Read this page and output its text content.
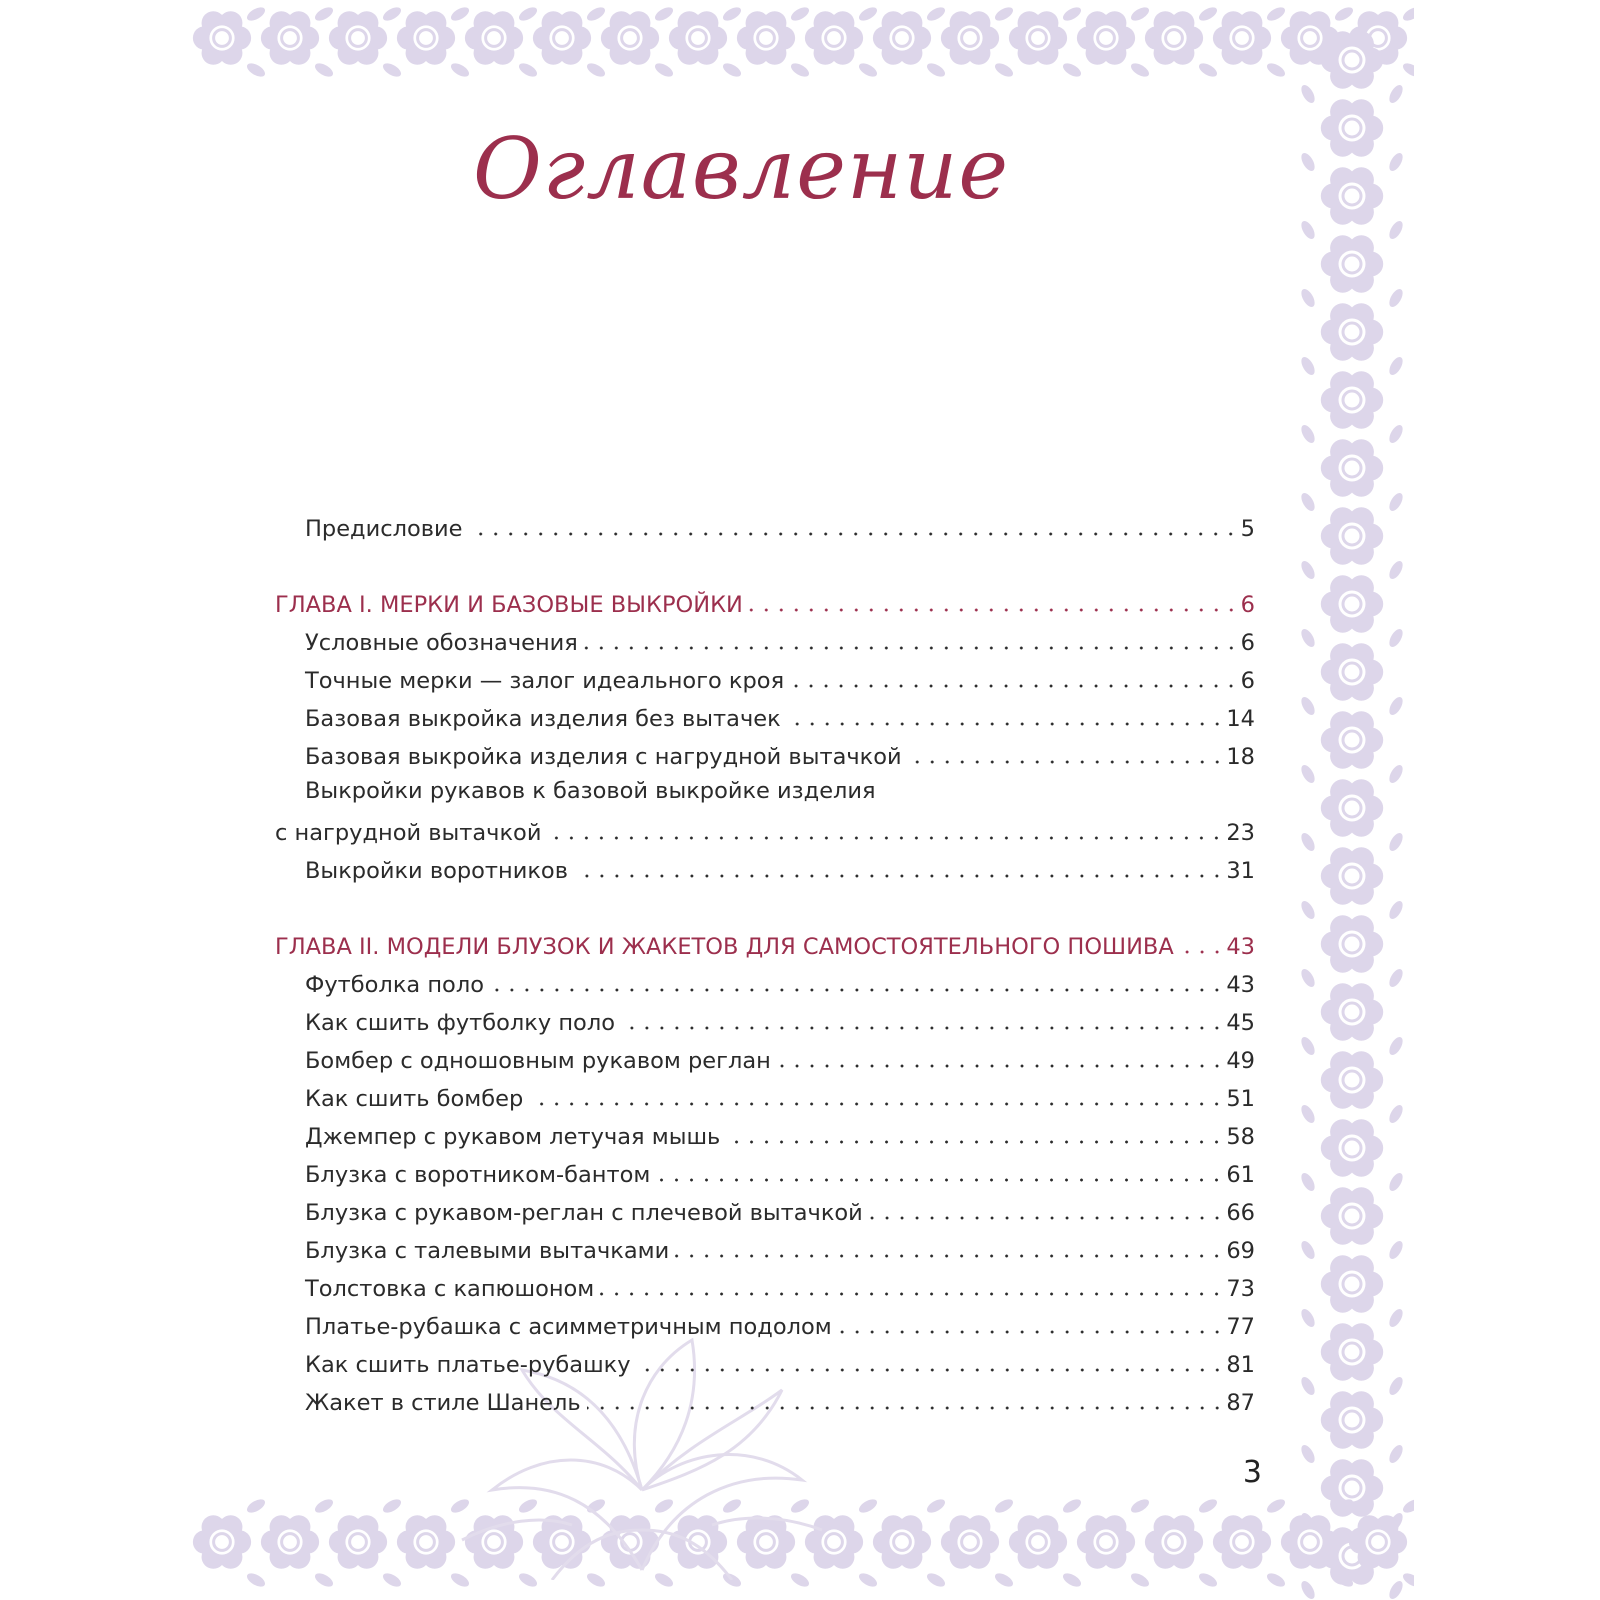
Оглавление
Предисловие	5
ГЛАВА I. МЕРКИ И БАЗОВЫЕ ВЫКРОЙКИ	6
Условные обозначения	6
Точные мерки — залог идеального кроя	6
Базовая выкройка изделия без вытачек	14
Базовая выкройка изделия с нагрудной вытачкой	18
Выкройки рукавов к базовой выкройке изделия
с нагрудной вытачкой	23
Выкройки воротников	31
ГЛАВА II. МОДЕЛИ БЛУЗОК И ЖАКЕТОВ ДЛЯ САМОСТОЯТЕЛЬНОГО ПОШИВА 43
Футболка поло	43
Как сшить футболку поло	45
Бомбер с одношовным рукавом реглан	49
Как сшить бомбер	51
Джемпер с рукавом летучая мышь	58
Блузка с воротником-бантом	61
Блузка с рукавом-реглан с плечевой вытачкой	66
Блузка с талевыми вытачками	69
Толстовка с капюшоном	73
Платье-рубашка с асимметричным подолом	77
Как сшить платье-рубашку	81
Жакет в стиле Шанель	87
3
